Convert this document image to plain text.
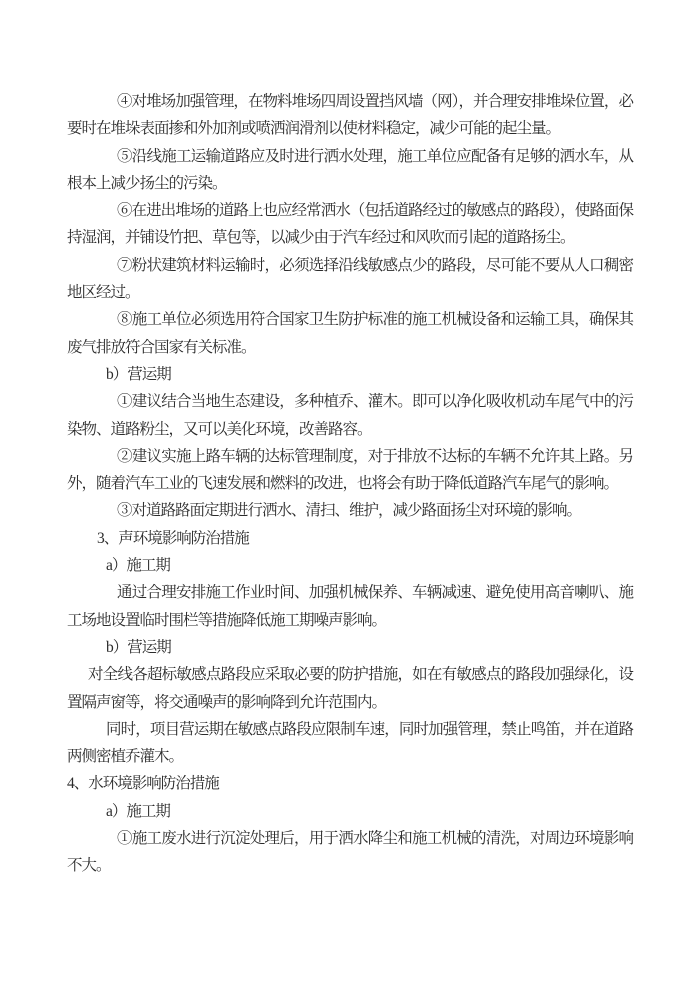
④对堆场加强管理，在物料堆场四周设置挡风墙（网），并合理安排堆垛位置，必要时在堆垛表面掺和外加剂或喷洒润滑剂以使材料稳定，减少可能的起尘量。

⑤沿线施工运输道路应及时进行洒水处理，施工单位应配备有足够的洒水车，从根本上减少扬尘的污染。

⑥在进出堆场的道路上也应经常洒水（包括道路经过的敏感点的路段），使路面保持湿润，并铺设竹把、草包等，以减少由于汽车经过和风吹而引起的道路扬尘。

⑦粉状建筑材料运输时，必须选择沿线敏感点少的路段，尽可能不要从人口稠密地区经过。

⑧施工单位必须选用符合国家卫生防护标准的施工机械设备和运输工具，确保其废气排放符合国家有关标准。

b）营运期

①建议结合当地生态建设，多种植乔、灌木。即可以净化吸收机动车尾气中的污染物、道路粉尘，又可以美化环境，改善路容。

②建议实施上路车辆的达标管理制度，对于排放不达标的车辆不允许其上路。另外，随着汽车工业的飞速发展和燃料的改进，也将会有助于降低道路汽车尾气的影响。

③对道路路面定期进行洒水、清扫、维护，减少路面扬尘对环境的影响。

3、声环境影响防治措施

a）施工期

通过合理安排施工作业时间、加强机械保养、车辆减速、避免使用高音喇叭、施工场地设置临时围栏等措施降低施工期噪声影响。

b）营运期

对全线各超标敏感点路段应采取必要的防护措施，如在有敏感点的路段加强绿化，设置隔声窗等，将交通噪声的影响降到允许范围内。

同时，项目营运期在敏感点路段应限制车速，同时加强管理，禁止鸣笛，并在道路两侧密植乔灌木。

4、水环境影响防治措施

a）施工期

①施工废水进行沉淀处理后，用于洒水降尘和施工机械的清洗，对周边环境影响不大。
